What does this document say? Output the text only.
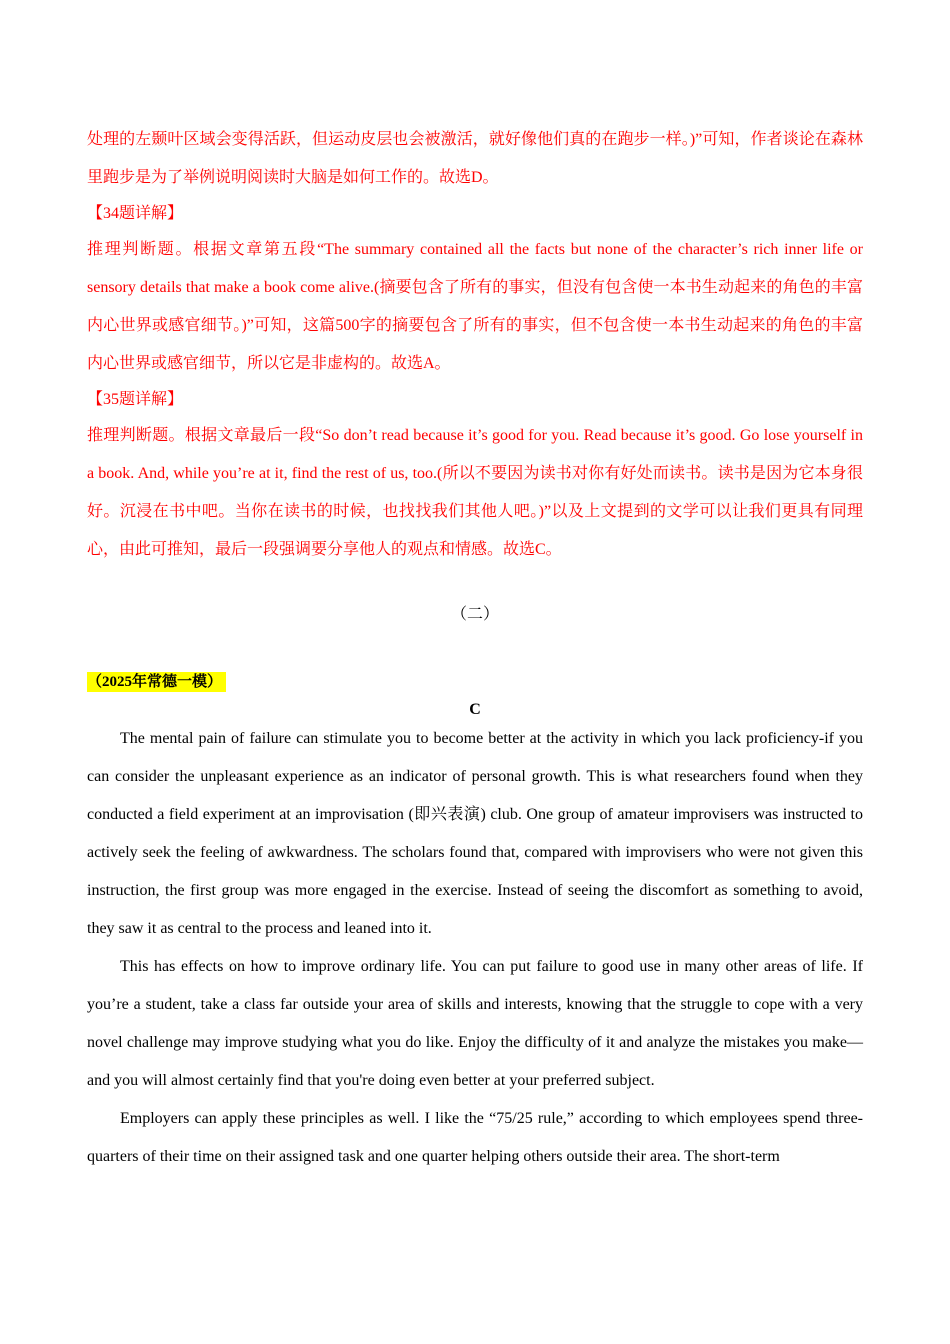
处理的左颞叶区域会变得活跃，但运动皮层也会被激活，就好像他们真的在跑步一样。)”可知，作者谈论在森林里跑步是为了举例说明阅读时大脑是如何工作的。故选D。

【34题详解】

推理判断题。根据文章第五段“The summary contained all the facts but none of the character’s rich inner life or sensory details that make a book come alive.(摘要包含了所有的事实，但没有包含使一本书生动起来的角色的丰富内心世界或感官细节。)”可知，这篇500字的摘要包含了所有的事实，但不包含使一本书生动起来的角色的丰富内心世界或感官细节，所以它是非虚构的。故选A。

【35题详解】

推理判断题。根据文章最后一段“So don’t read because it’s good for you. Read because it’s good. Go lose yourself in a book. And, while you’re at it, find the rest of us, too.(所以不要因为读书对你有好处而读书。读书是因为它本身很好。沉浸在书中吧。当你在读书的时候，也找找我们其他人吧。)”以及上文提到的文学可以让我们更具有同理心，由此可推知，最后一段强调要分享他人的观点和情感。故选C。

（二）

（2025年常德一模）

C

The mental pain of failure can stimulate you to become better at the activity in which you lack proficiency-if you can consider the unpleasant experience as an indicator of personal growth. This is what researchers found when they conducted a field experiment at an improvisation (即兴表演) club. One group of amateur improvisers was instructed to actively seek the feeling of awkwardness. The scholars found that, compared with improvisers who were not given this instruction, the first group was more engaged in the exercise. Instead of seeing the discomfort as something to avoid, they saw it as central to the process and leaned into it.

This has effects on how to improve ordinary life. You can put failure to good use in many other areas of life. If you’re a student, take a class far outside your area of skills and interests, knowing that the struggle to cope with a very novel challenge may improve studying what you do like. Enjoy the difficulty of it and analyze the mistakes you make—and you will almost certainly find that you're doing even better at your preferred subject.

Employers can apply these principles as well. I like the “75/25 rule,” according to which employees spend three-quarters of their time on their assigned task and one quarter helping others outside their area. The short-term
